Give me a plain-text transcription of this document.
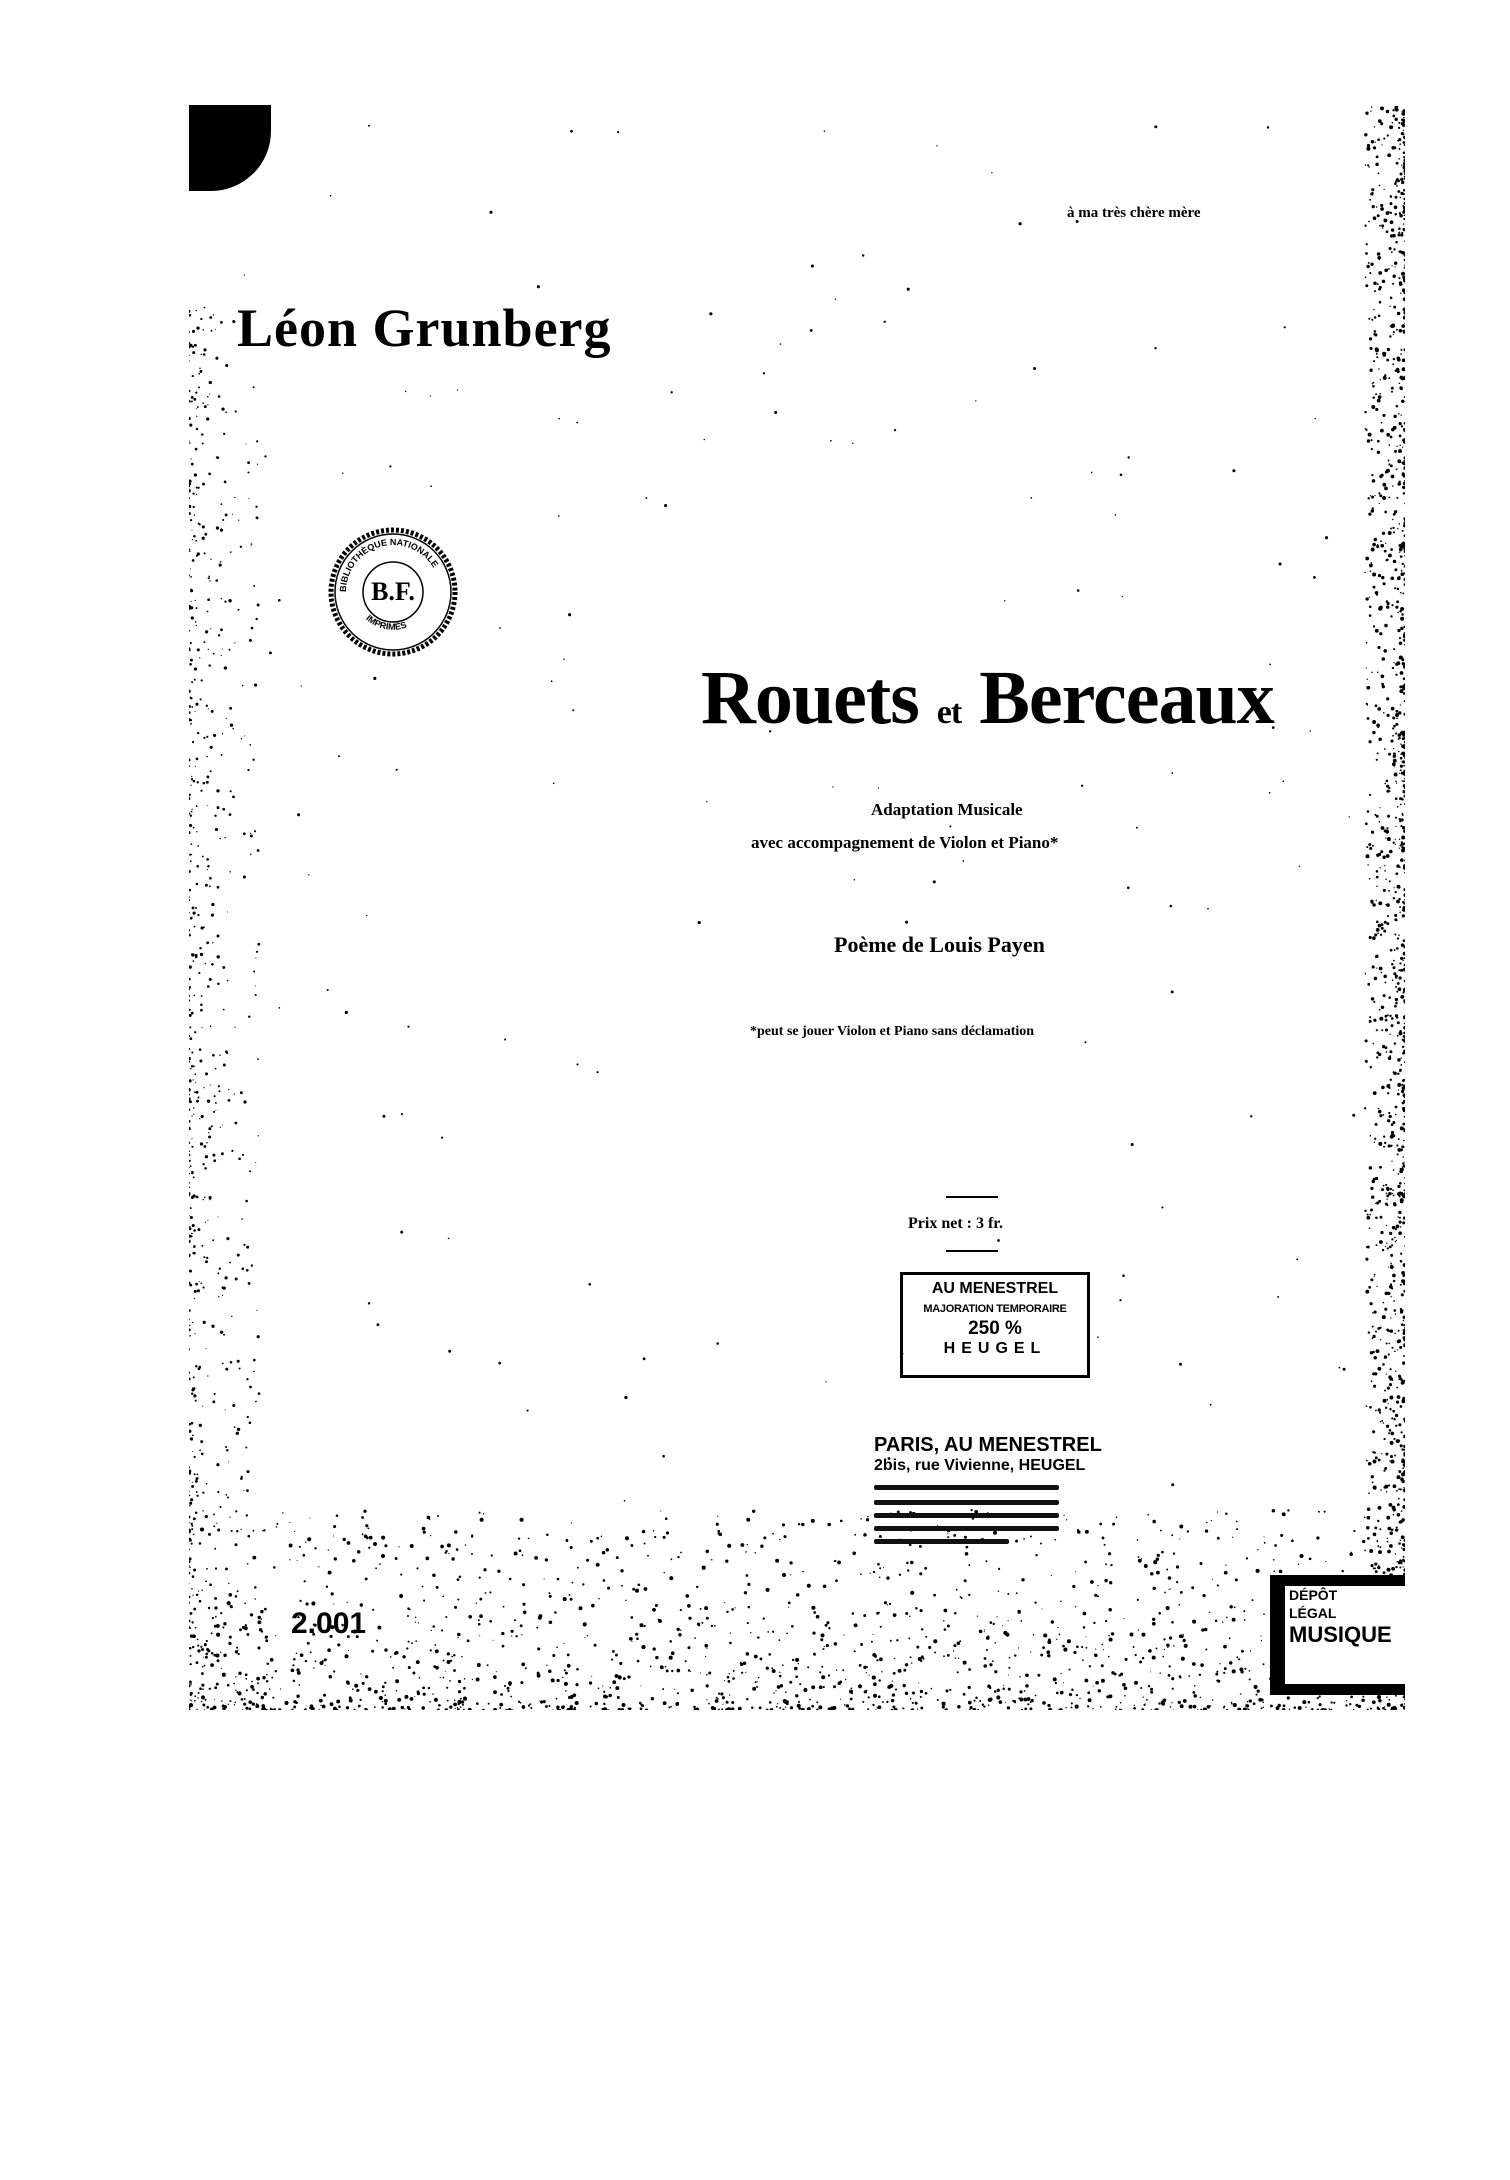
à ma très chère mère
Léon Grunberg
BIBLIOTHÈQUE NATIONALE
B.F.
IMPRIMÉS
Rouets et Berceaux
Adaptation Musicale
avec accompagnement de Violon et Piano*
Poème de Louis Payen
*peut se jouer Violon et Piano sans déclamation
Prix net : 3 fr.
AU MENESTREL
MAJORATION TEMPORAIRE
250 %
HEUGEL
PARIS, AU MENESTREL
2bis, rue Vivienne, HEUGEL
2.001
DÉPÔT
LÉGAL
MUSIQUE
